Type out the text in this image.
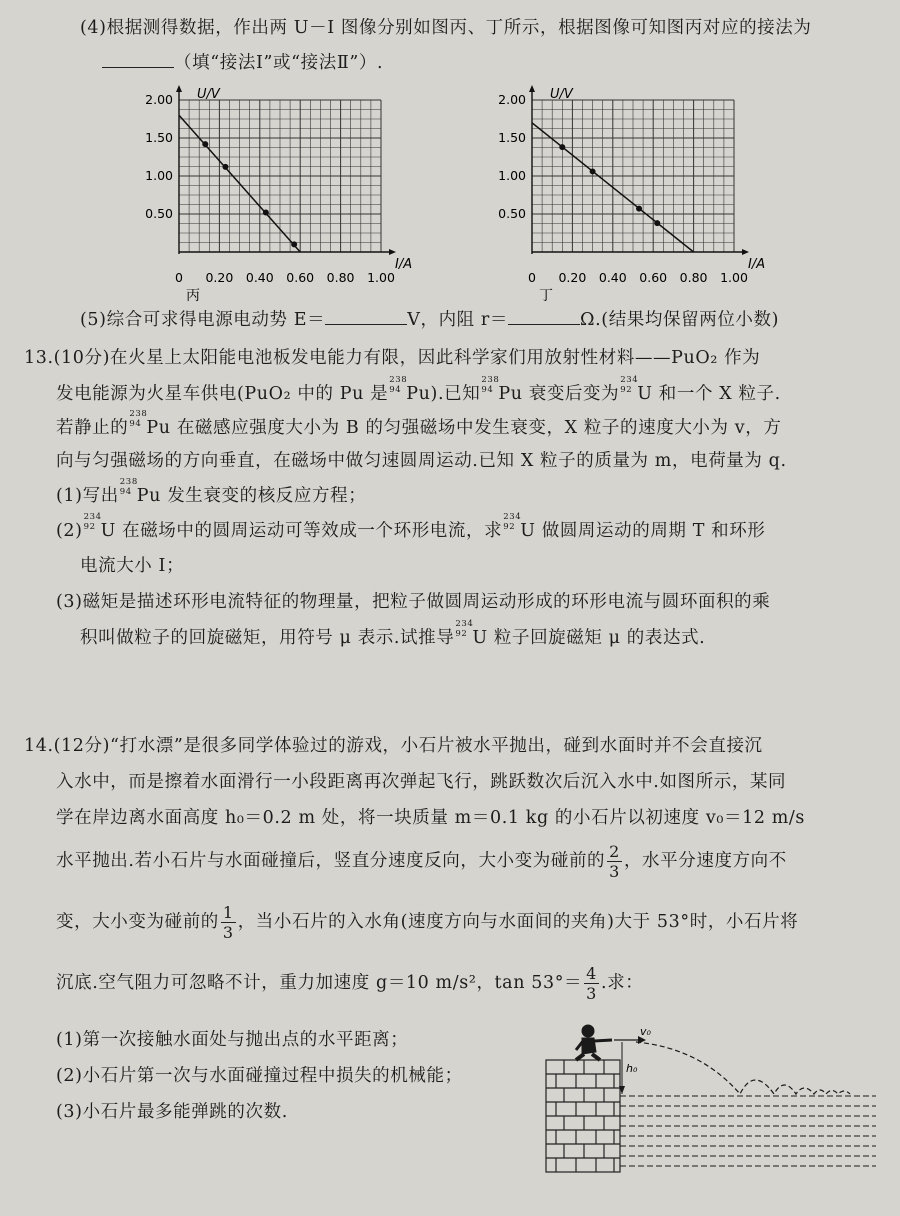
(4)根据测得数据，作出两 U－I 图像分别如图丙、丁所示，根据图像可知图丙对应的接法为
（填“接法Ⅰ”或“接法Ⅱ”）.
U/V
I/A
2.00
1.50
1.00
0.50
0 0.20 0.40 0.60 0.80 1.00
丙
U/V
I/A
2.00
1.50
1.00
0.50
0 0.20 0.40 0.60 0.80 1.00
丁
(5)综合可求得电源电动势 E＝	V，内阻 r＝	Ω.(结果均保留两位小数)
13.(10分)在火星上太阳能电池板发电能力有限，因此科学家们用放射性材料——PuO₂ 作为
发电能源为火星车供电(PuO₂ 中的 Pu 是
238
94 Pu).已知
238
94 Pu 衰变后变为
234
92 U 和一个 X 粒子.
若静止的
238
94 Pu 在磁感应强度大小为 B 的匀强磁场中发生衰变，X 粒子的速度大小为 v，方
向与匀强磁场的方向垂直，在磁场中做匀速圆周运动.已知 X 粒子的质量为 m，电荷量为 q.
(1)写出
238
94 Pu 发生衰变的核反应方程；
(2)
234
92 U 在磁场中的圆周运动可等效成一个环形电流，求
234
92 U 做圆周运动的周期 T 和环形
电流大小 I；
(3)磁矩是描述环形电流特征的物理量，把粒子做圆周运动形成的环形电流与圆环面积的乘
积叫做粒子的回旋磁矩，用符号 μ 表示.试推导
234
92 U 粒子回旋磁矩 μ 的表达式.
14.(12分)“打水漂”是很多同学体验过的游戏，小石片被水平抛出，碰到水面时并不会直接沉
入水中，而是擦着水面滑行一小段距离再次弹起飞行，跳跃数次后沉入水中.如图所示，某同
学在岸边离水面高度 h₀＝0.2 m 处，将一块质量 m＝0.1 kg 的小石片以初速度 v₀＝12 m/s
水平抛出.若小石片与水面碰撞后，竖直分速度反向，大小变为碰前的 $\frac{2}{3}$ ，水平分速度方向不
变，大小变为碰前的 $\frac{1}{3}$ ，当小石片的入水角(速度方向与水面间的夹角)大于 53°时，小石片将
沉底.空气阻力可忽略不计，重力加速度 g＝10 m/s²，$\tan 53^\circ= \frac{4}{3}$ .求：
(1)第一次接触水面处与抛出点的水平距离；
(2)小石片第一次与水面碰撞过程中损失的机械能；
(3)小石片最多能弹跳的次数.
v₀
h₀
